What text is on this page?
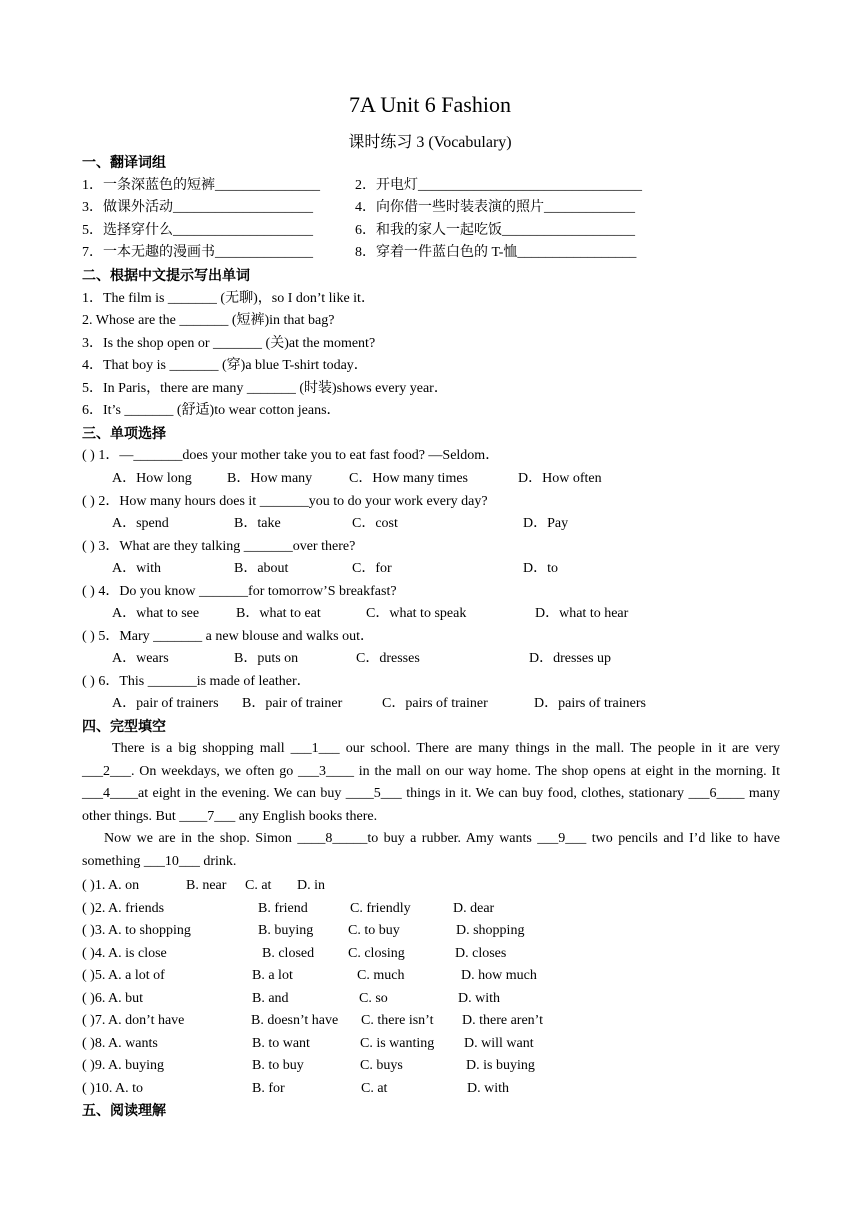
7A Unit 6 Fashion
课时练习 3 (Vocabulary)
一、翻译词组
1．一条深蓝色的短裤_______________	2．开电灯________________________________
3．做课外活动____________________	4．向你借一些时装表演的照片_____________
5．选择穿什么____________________	6．和我的家人一起吃饭___________________
7．一本无趣的漫画书______________	8．穿着一件蓝白色的 T-恤_________________
二、根据中文提示写出单词
1．The film is _______ (无聊)，so I don’t like it．
2. Whose are the _______ (短裤)in that bag?
3．Is the shop open or _______ (关)at the moment?
4．That boy is _______ (穿)a blue T-shirt today．
5．In Paris，there are many _______ (时装)shows every year．
6．It’s _______ (舒适)to wear cotton jeans．
三、单项选择
( ) 1．—_______does your mother take you to eat fast food? —Seldom．
A．How long	B．How many	C．How many times	D．How often
( ) 2．How many hours does it _______you to do your work every day?
A．spend	B．take	C．cost	D．Pay
( ) 3．What are they talking _______over there?
A．with	B．about	C．for	D．to
( ) 4．Do you know _______for tomorrow’S breakfast?
A．what to see	B．what to eat	C．what to speak	D．what to hear
( ) 5．Mary _______ a new blouse and walks out．
A．wears	B．puts on	C．dresses	D．dresses up
( ) 6．This _______is made of leather．
A．pair of trainers B．pair of trainer	C．pairs of trainer	D．pairs of trainers
四、完型填空
There is a big shopping mall ___1___ our school. There are many things in the mall. The people in it are very ___2___. On weekdays, we often go ___3____ in the mall on our way home. The shop opens at eight in the morning. It ___4____at eight in the evening. We can buy ____5___ things in it. We can buy food, clothes, stationary ___6____ many other things. But ____7___ any English books there.
Now we are in the shop. Simon ____8_____to buy a rubber. Amy wants ___9___ two pencils and I’d like to have something ___10___ drink.
( )1. A. on	B. near C. at D. in
( )2. A. friends	B. friend	C. friendly	D. dear
( )3. A. to shopping	B. buying C. to buy	D. shopping
( )4. A. is close	B. closed C. closing	D. closes
( )5. A. a lot of	B. a lot	C. much	D. how much
( )6. A. but	B. and	C. so	D. with
( )7. A. don’t have	B. doesn’t have C. there isn’t D. there aren’t
( )8. A. wants	B. to want	C. is wanting D. will want
( )9. A. buying	B. to buy	C. buys	D. is buying
( )10. A. to	B. for	C. at	D. with
五、阅读理解
